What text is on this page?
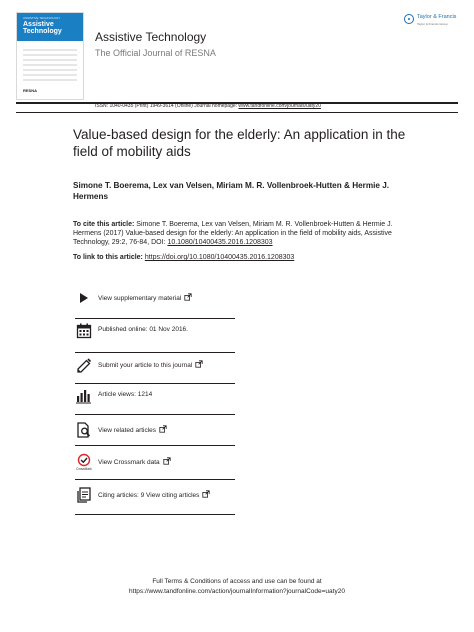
ASSISTIVE TECHNOLOGY
Assistive
Technology
RESNA
Assistive Technology
The Official Journal of RESNA
Taylor & Francis
Taylor & Francis Group
ISSN: 1040-0435 (Print) 1949-3614 (Online) Journal homepage: www.tandfonline.com/journals/uaty20
Value-based design for the elderly: An application in the field of mobility aids
Simone T. Boerema, Lex van Velsen, Miriam M. R. Vollenbroek-Hutten & Hermie J. Hermens
To cite this article: Simone T. Boerema, Lex van Velsen, Miriam M. R. Vollenbroek-Hutten & Hermie J. Hermens (2017) Value-based design for the elderly: An application in the field of mobility aids, Assistive Technology, 29:2, 76-84, DOI: 10.1080/10400435.2016.1208303
To link to this article: https://doi.org/10.1080/10400435.2016.1208303
View supplementary material
Published online: 01 Nov 2016.
Submit your article to this journal
Article views: 1214
View related articles
CrossMark
View Crossmark data
Citing articles: 9 View citing articles
Full Terms & Conditions of access and use can be found at
https://www.tandfonline.com/action/journalInformation?journalCode=uaty20
